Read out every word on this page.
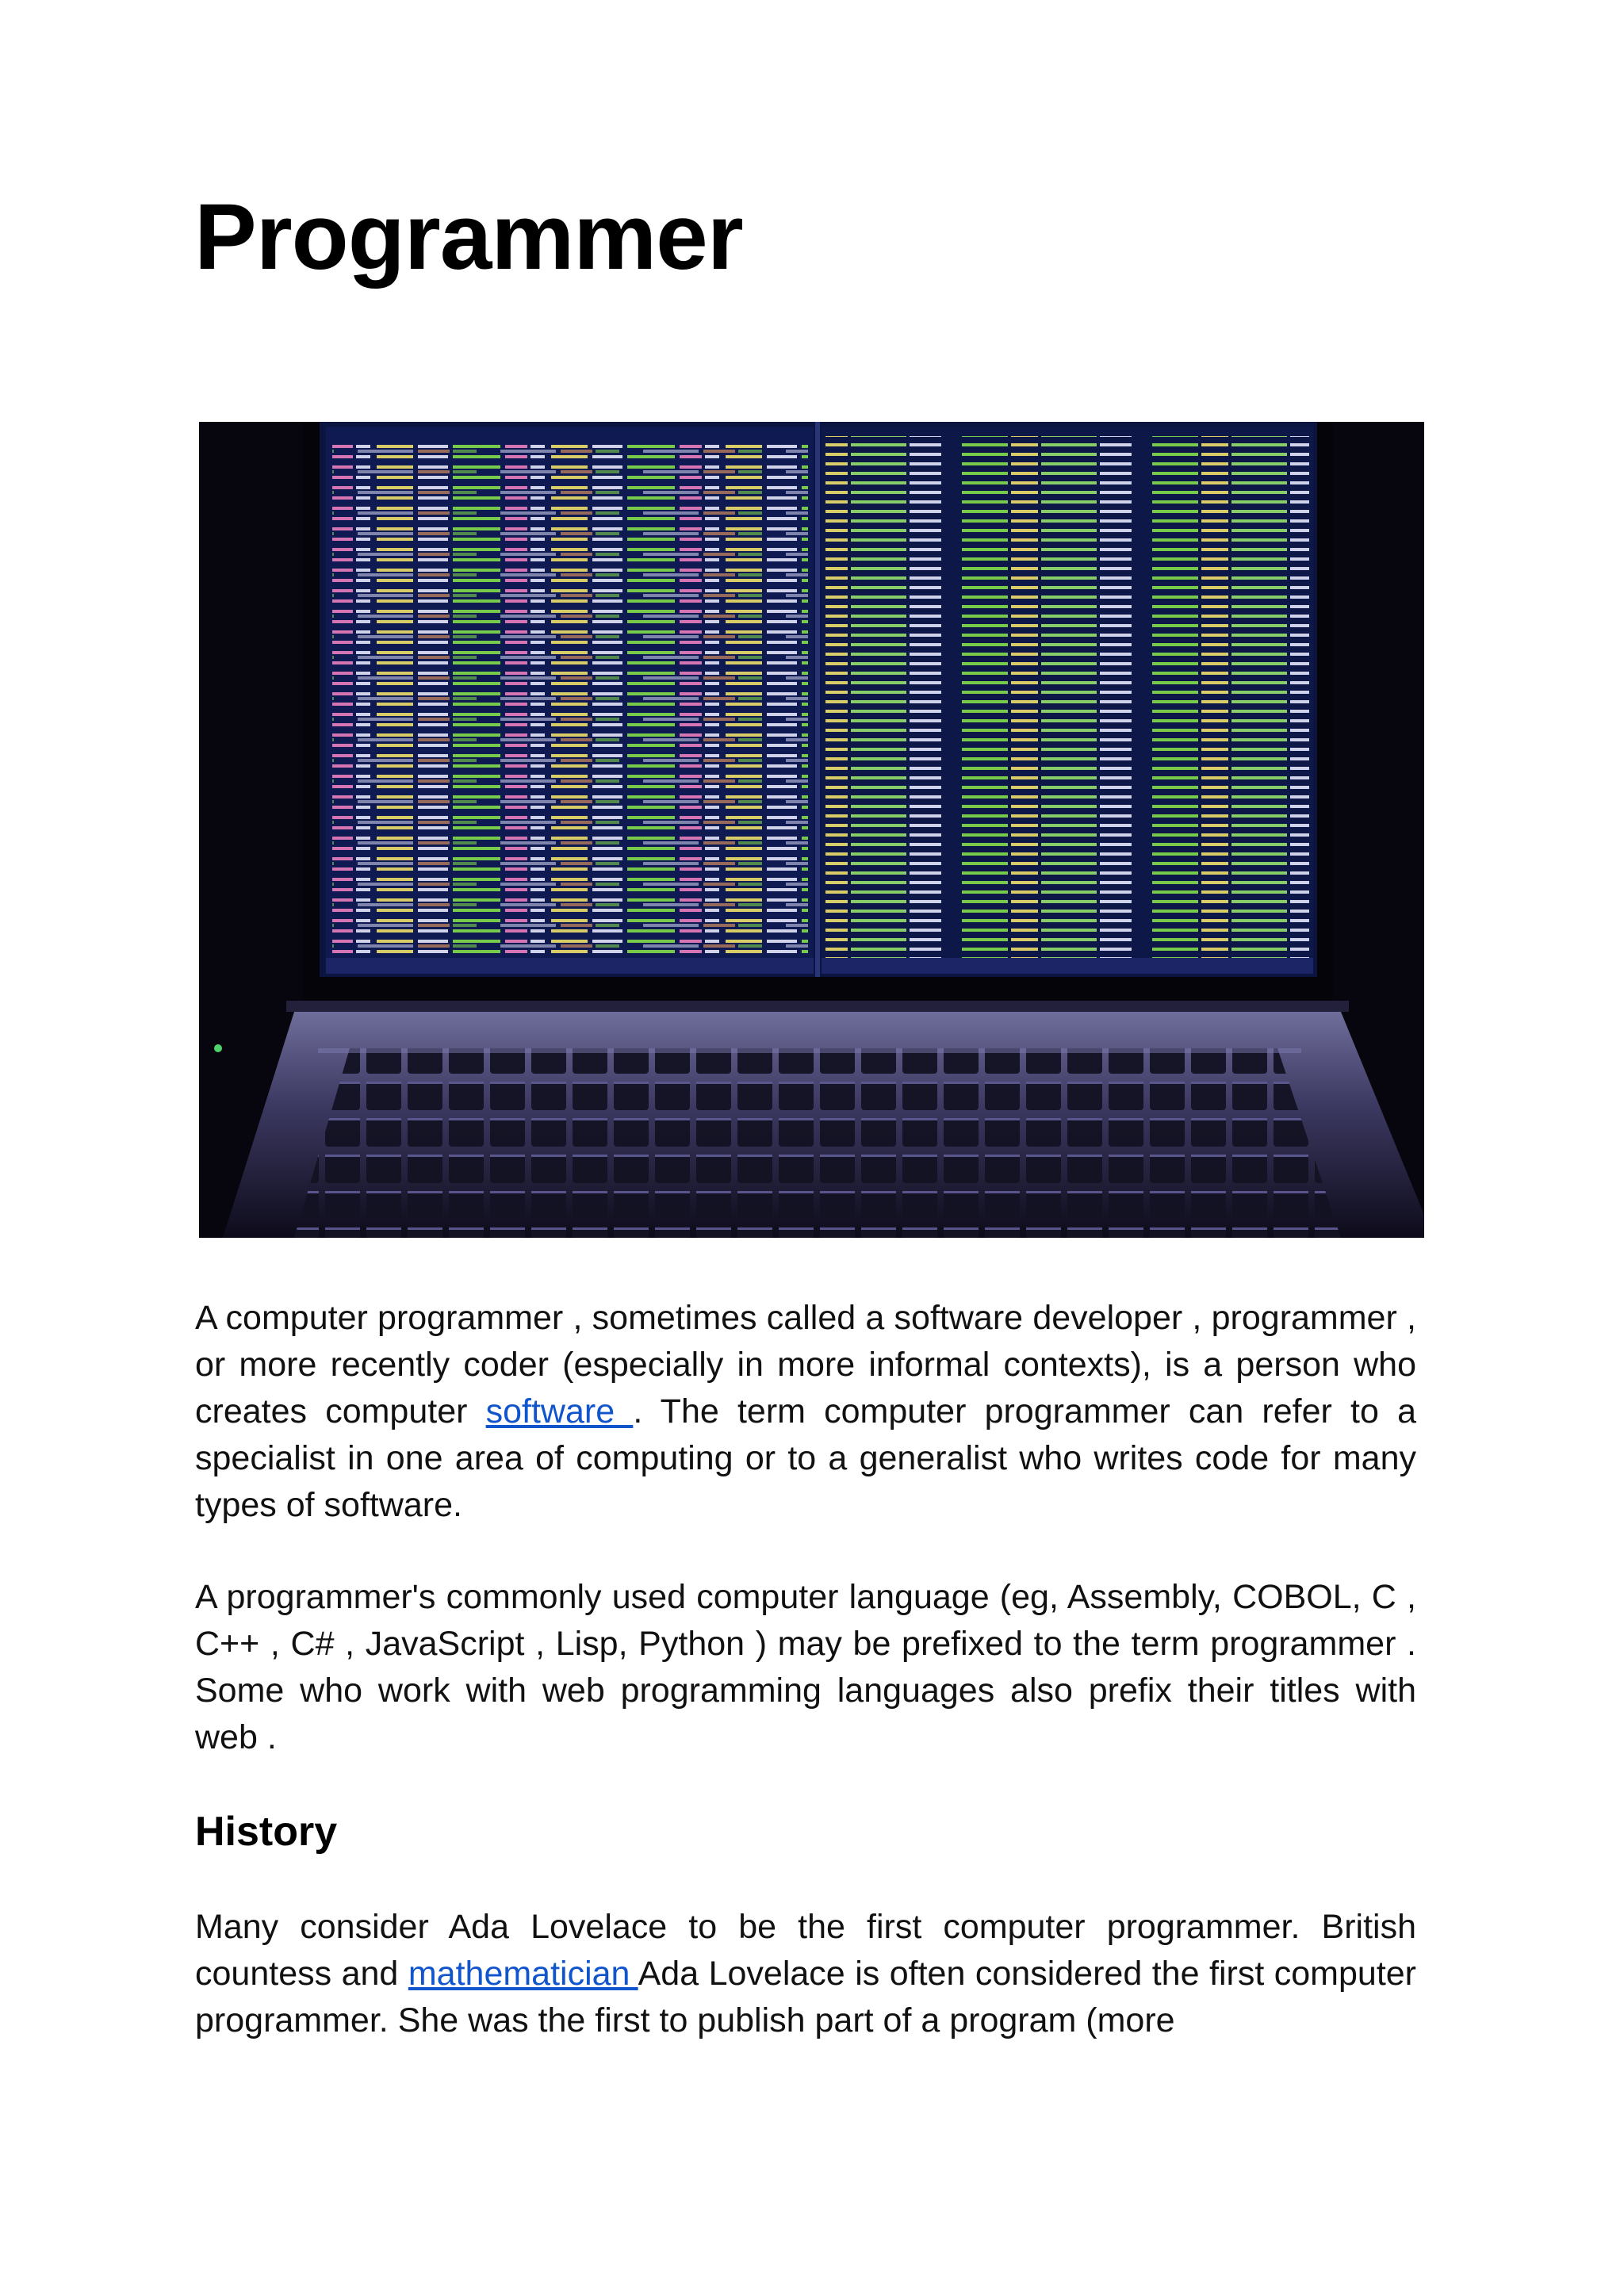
Programmer

A computer programmer , sometimes called a software developer , programmer , or more recently coder (especially in more informal contexts), is a person who creates computer software . The term computer programmer can refer to a specialist in one area of computing or to a generalist who writes code for many types of software.

A programmer's commonly used computer language (eg, Assembly, COBOL, C , C++ , C# , JavaScript , Lisp, Python ) may be prefixed to the term programmer . Some who work with web programming languages also prefix their titles with web .

History

Many consider Ada Lovelace to be the first computer programmer. British countess and mathematician Ada Lovelace is often considered the first computer programmer. She was the first to publish part of a program (more
